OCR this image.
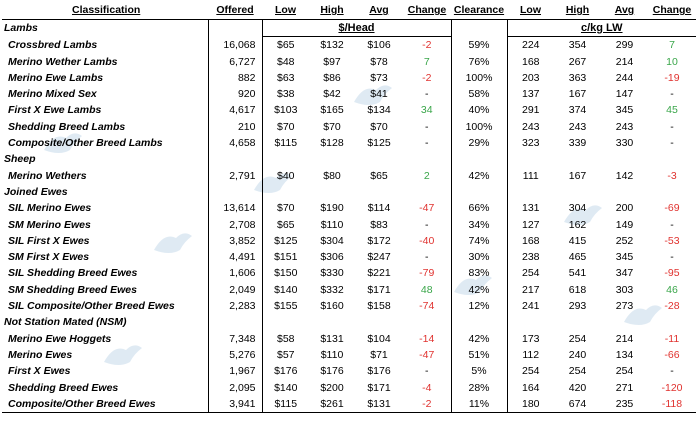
Classification	Offered	Low	High	Avg	Change	Clearance	Low	High	Avg	Change
Lambs		$/Head					c/kg LW			
Crossbred Lambs	16,068	$65	$132	$106	-2	59%	224	354	299	7
Merino Wether Lambs	6,727	$48	$97	$78	7	76%	168	267	214	10
Merino Ewe Lambs	882	$63	$86	$73	-2	100%	203	363	244	-19
Merino Mixed Sex	920	$38	$42	$41	-	58%	137	167	147	-
First X Ewe Lambs	4,617	$103	$165	$134	34	40%	291	374	345	45
Shedding Breed Lambs	210	$70	$70	$70	-	100%	243	243	243	-
Composite/Other Breed Lambs	4,658	$115	$128	$125	-	29%	323	339	330	-
Sheep										
Merino Wethers	2,791	$40	$80	$65	2	42%	111	167	142	-3
Joined Ewes										
SIL Merino Ewes	13,614	$70	$190	$114	-47	66%	131	304	200	-69
SM Merino Ewes	2,708	$65	$110	$83	-	34%	127	162	149	-
SIL First X Ewes	3,852	$125	$304	$172	-40	74%	168	415	252	-53
SM First X Ewes	4,491	$151	$306	$247	-	30%	238	465	345	-
SIL Shedding Breed Ewes	1,606	$150	$330	$221	-79	83%	254	541	347	-95
SM Shedding Breed Ewes	2,049	$140	$332	$171	48	42%	217	618	303	46
SIL Composite/Other Breed Ewes	2,283	$155	$160	$158	-74	12%	241	293	273	-28
Not Station Mated (NSM)										
Merino Ewe Hoggets	7,348	$58	$131	$104	-14	42%	173	254	214	-11
Merino Ewes	5,276	$57	$110	$71	-47	51%	112	240	134	-66
First X Ewes	1,967	$176	$176	$176	-	5%	254	254	254	-
Shedding Breed Ewes	2,095	$140	$200	$171	-4	28%	164	420	271	-120
Composite/Other Breed Ewes	3,941	$115	$261	$131	-2	11%	180	674	235	-118
